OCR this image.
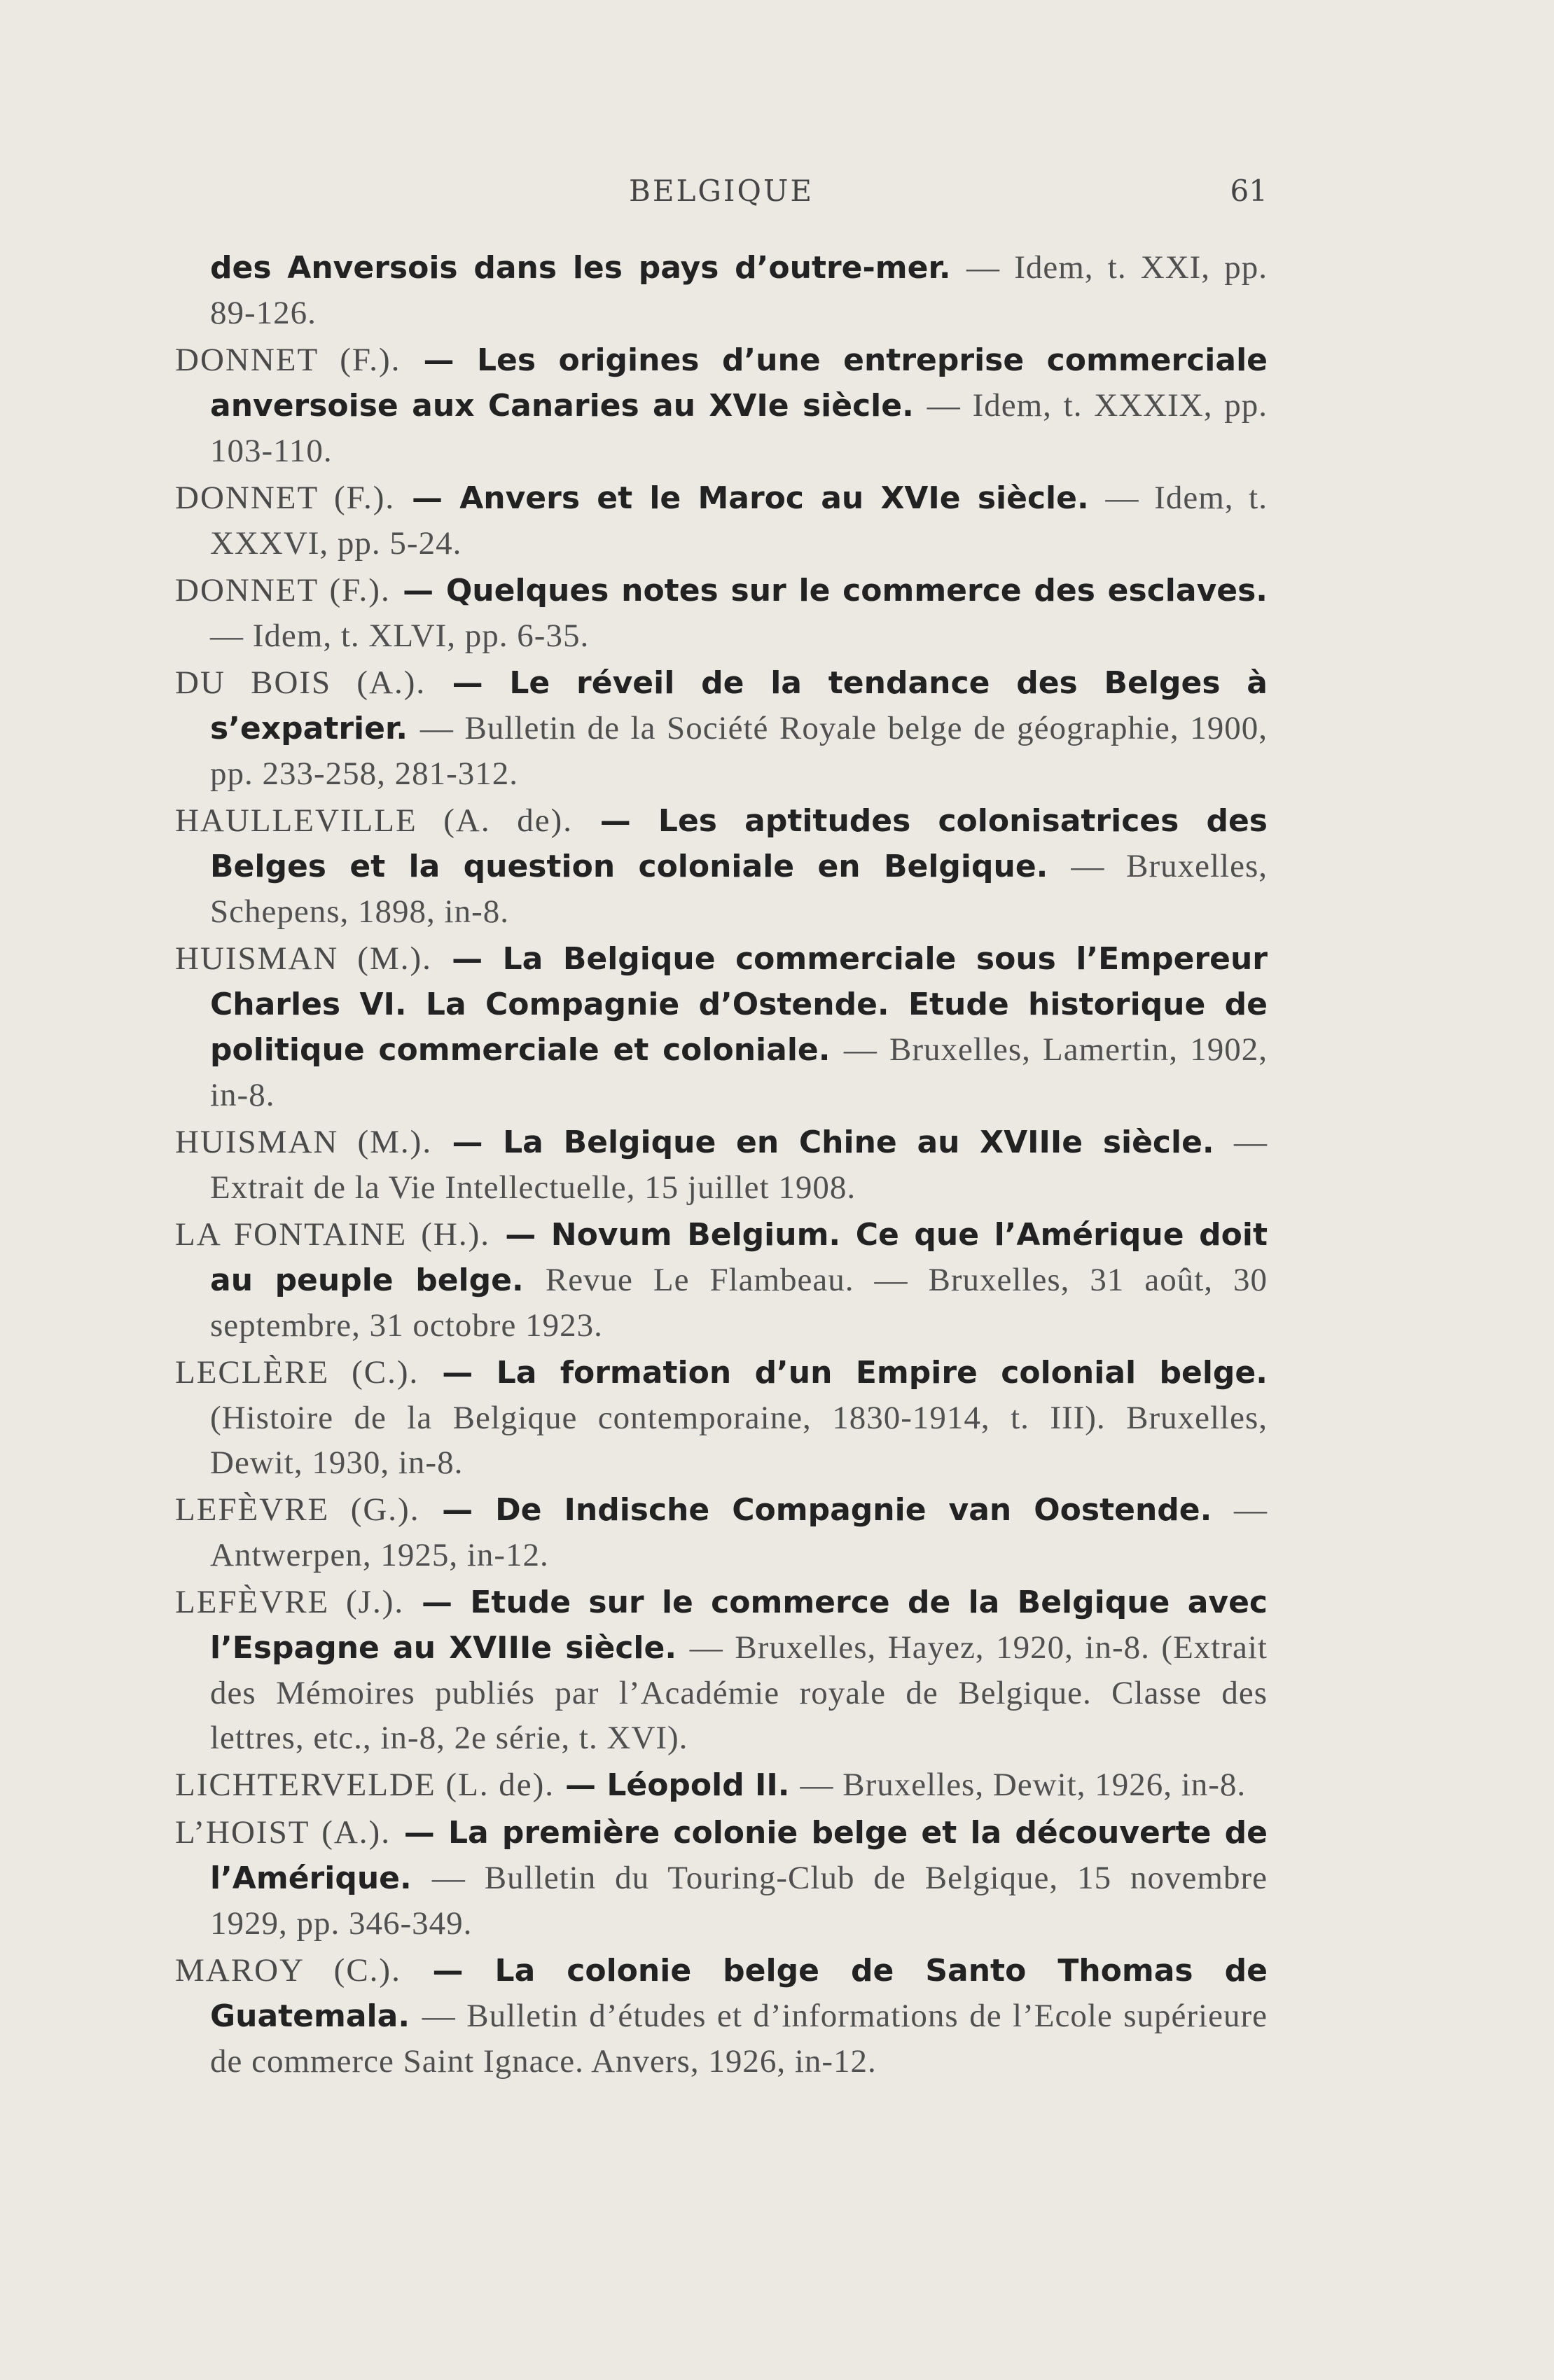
BELGIQUE	61

des Anversois dans les pays d’outre-mer. — Idem, t. XXI, pp. 89-126.

DONNET (F.). — Les origines d’une entreprise commerciale anversoise aux Canaries au XVIe siècle. — Idem, t. XXXIX, pp. 103-110.

DONNET (F.). — Anvers et le Maroc au XVIe siècle. — Idem, t. XXXVI, pp. 5-24.

DONNET (F.). — Quelques notes sur le commerce des esclaves. — Idem, t. XLVI, pp. 6-35.

DU BOIS (A.). — Le réveil de la tendance des Belges à s’expatrier. — Bulletin de la Société Royale belge de géographie, 1900, pp. 233-258, 281-312.

HAULLEVILLE (A. de). — Les aptitudes colonisatrices des Belges et la question coloniale en Belgique. — Bruxelles, Schepens, 1898, in-8.

HUISMAN (M.). — La Belgique commerciale sous l’Empereur Charles VI. La Compagnie d’Ostende. Etude historique de politique commerciale et coloniale. — Bruxelles, Lamertin, 1902, in-8.

HUISMAN (M.). — La Belgique en Chine au XVIIIe siècle. — Extrait de la Vie Intellectuelle, 15 juillet 1908.

LA FONTAINE (H.). — Novum Belgium. Ce que l’Amérique doit au peuple belge. Revue Le Flambeau. — Bruxelles, 31 août, 30 septembre, 31 octobre 1923.

LECLÈRE (C.). — La formation d’un Empire colonial belge. (Histoire de la Belgique contemporaine, 1830-1914, t. III). Bruxelles, Dewit, 1930, in-8.

LEFÈVRE (G.). — De Indische Compagnie van Oostende. — Antwerpen, 1925, in-12.

LEFÈVRE (J.). — Etude sur le commerce de la Belgique avec l’Espagne au XVIIIe siècle. — Bruxelles, Hayez, 1920, in-8. (Extrait des Mémoires publiés par l’Académie royale de Belgique. Classe des lettres, etc., in-8, 2e série, t. XVI).

LICHTERVELDE (L. de). — Léopold II. — Bruxelles, Dewit, 1926, in-8.

L’HOIST (A.). — La première colonie belge et la découverte de l’Amérique. — Bulletin du Touring-Club de Belgique, 15 novembre 1929, pp. 346-349.

MAROY (C.). — La colonie belge de Santo Thomas de Guatemala. — Bulletin d’études et d’informations de l’Ecole supérieure de commerce Saint Ignace. Anvers, 1926, in-12.
